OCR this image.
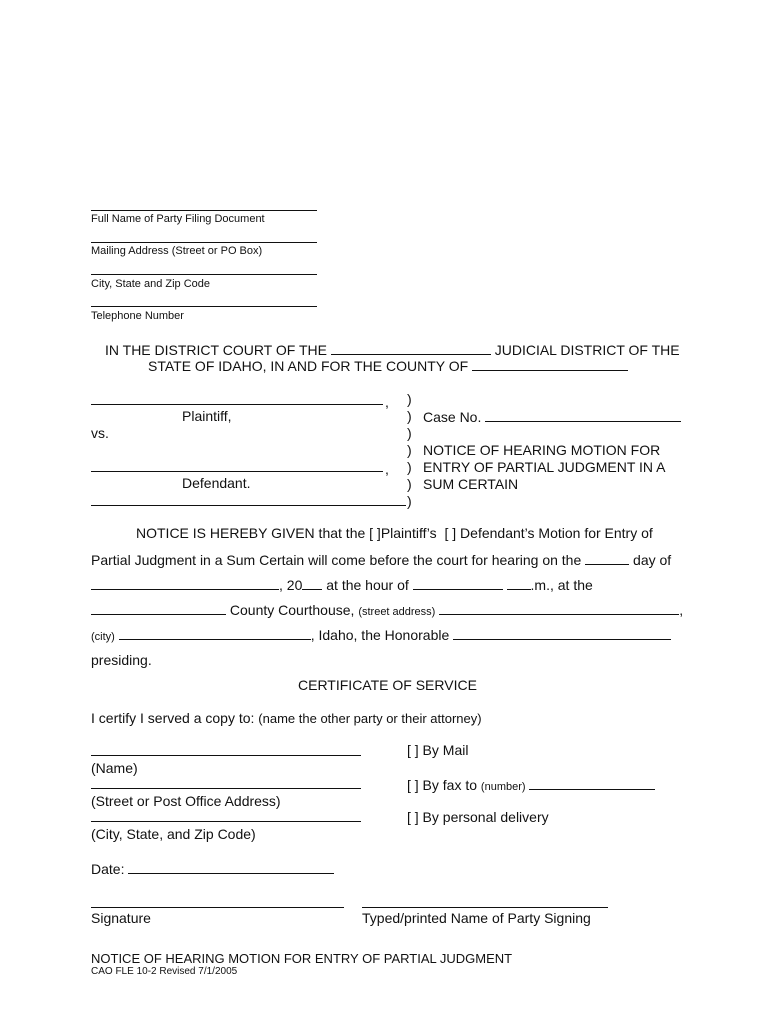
Full Name of Party Filing Document
Mailing Address (Street or PO Box)
City, State and Zip Code
Telephone Number
IN THE DISTRICT COURT OF THE	JUDICIAL DISTRICT OF THE
STATE OF IDAHO, IN AND FOR THE COUNTY OF
,
Plaintiff,
vs.
,
Defendant.
)
)
)
)
)
)
)
Case No.
NOTICE OF HEARING MOTION FOR
ENTRY OF PARTIAL JUDGMENT IN A
SUM CERTAIN
NOTICE IS HEREBY GIVEN that the [ ]Plaintiff’s [ ] Defendant’s Motion for Entry of
Partial Judgment in a Sum Certain will come before the court for hearing on the	day of
, 20 at the hour of	.m., at the
County Courthouse, (street address)	,
(city)	, Idaho, the Honorable
presiding.
CERTIFICATE OF SERVICE
I certify I served a copy to: (name the other party or their attorney)
(Name)
(Street or Post Office Address)
(City, State, and Zip Code)
[ ] By Mail
[ ] By fax to (number)
[ ] By personal delivery
Date:
Signature	Typed/printed Name of Party Signing
NOTICE OF HEARING MOTION FOR ENTRY OF PARTIAL JUDGMENT
CAO FLE 10-2 Revised 7/1/2005
